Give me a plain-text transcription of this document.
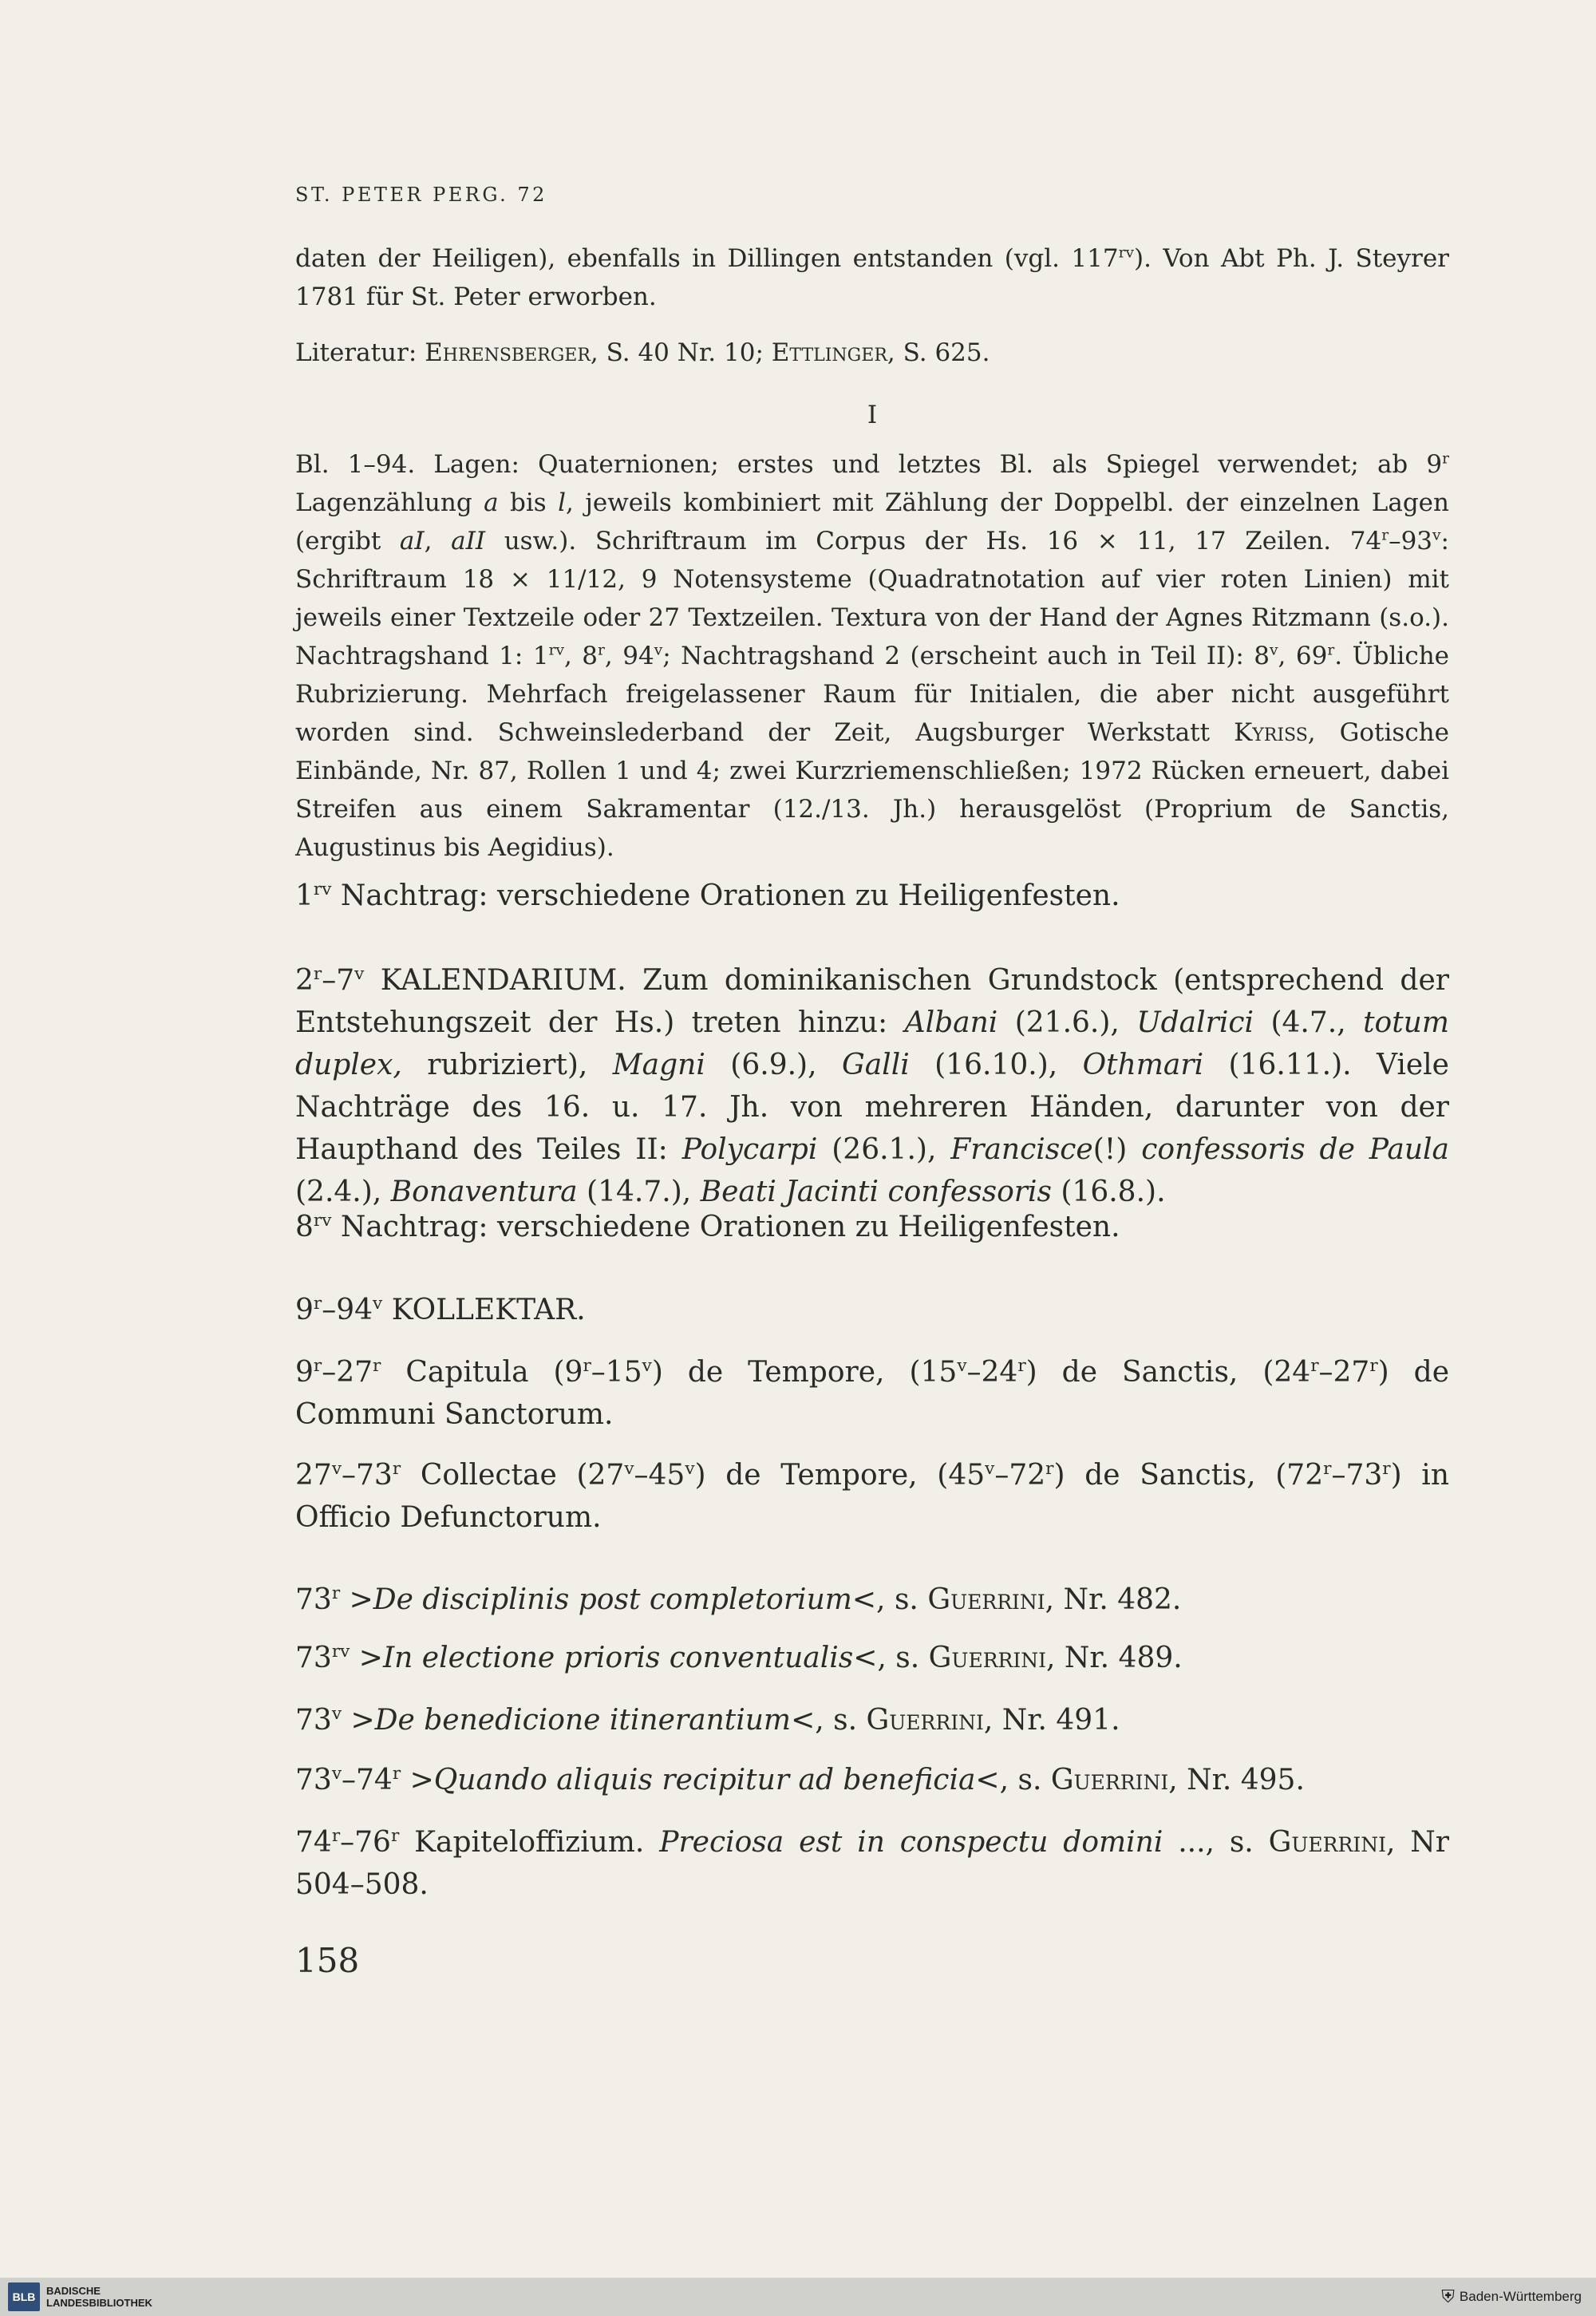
ST. PETER PERG. 72

daten der Heiligen), ebenfalls in Dillingen entstanden (vgl. $117^{rv}$). Von Abt Ph. J. Steyrer 1781 für St. Peter erworben.

Literatur: Ehrensberger, S. 40 Nr. 10; Ettlinger, S. 625.

I

Bl. 1–94. Lagen: Quaternionen; erstes und letztes Bl. als Spiegel verwendet; ab 9$^r$ Lagenzählung a bis l, jeweils kombiniert mit Zählung der Doppelbl. der einzelnen Lagen (ergibt aI, aII usw.). Schriftraum im Corpus der Hs. 16 × 11, 17 Zeilen. 74$^r$–93$^v$: Schriftraum 18 × 11/12, 9 Notensysteme (Quadratnotation auf vier roten Linien) mit jeweils einer Textzeile oder 27 Textzeilen. Textura von der Hand der Agnes Ritzmann (s.o.). Nachtragshand 1: $1^{rv}$, 8$^r$, 94$^v$; Nachtragshand 2 (erscheint auch in Teil II): 8$^v$, 69$^r$. Übliche Rubrizierung. Mehrfach freigelassener Raum für Initialen, die aber nicht ausgeführt worden sind. Schweinslederband der Zeit, Augsburger Werkstatt Kyriss, Gotische Einbände, Nr. 87, Rollen 1 und 4; zwei Kurzriemenschließen; 1972 Rücken erneuert, dabei Streifen aus einem Sakramentar (12./13. Jh.) herausgelöst (Proprium de Sanctis, Augustinus bis Aegidius).

$1^{rv}$ Nachtrag: verschiedene Orationen zu Heiligenfesten.

2$^r$–7$^v$ KALENDARIUM. Zum dominikanischen Grundstock (entsprechend der Entstehungszeit der Hs.) treten hinzu: Albani (21.6.), Udalrici (4.7., totum duplex, rubriziert), Magni (6.9.), Galli (16.10.), Othmari (16.11.). Viele Nachträge des 16. u. 17. Jh. von mehreren Händen, darunter von der Haupthand des Teiles II: Polycarpi (26.1.), Francisce(!) confessoris de Paula (2.4.), Bonaventura (14.7.), Beati Jacinti confessoris (16.8.).

$8^{rv}$ Nachtrag: verschiedene Orationen zu Heiligenfesten.

9$^r$–94$^v$ KOLLEKTAR.

9$^r$–27$^r$ Capitula (9$^r$–15$^v$) de Tempore, (15$^v$–24$^r$) de Sanctis, (24$^r$–27$^r$) de Communi Sanctorum.

27$^v$–73$^r$ Collectae (27$^v$–45$^v$) de Tempore, (45$^v$–72$^r$) de Sanctis, (72$^r$–73$^r$) in Officio Defunctorum.

$73^r >De$ disciplinis post completorium<, s. Guerrini, Nr. 482.

$73^{rv} >In$ electione prioris conventualis<, s. Guerrini, Nr. 489.

$73^v >De$ benedicione itinerantium<, s. Guerrini, Nr. 491.

$73^v-74^r$ >Quando aliquis recipitur ad beneficia<, s. Guerrini, Nr. 495.

74$^r$–76$^r$ Kapiteloffizium. Preciosa est in conspectu domini ..., s. Guerrini, Nr 504–508.

158
BLB	BADISCHE
LANDESBIBLIOTHEK	⛨ Baden-Württemberg
